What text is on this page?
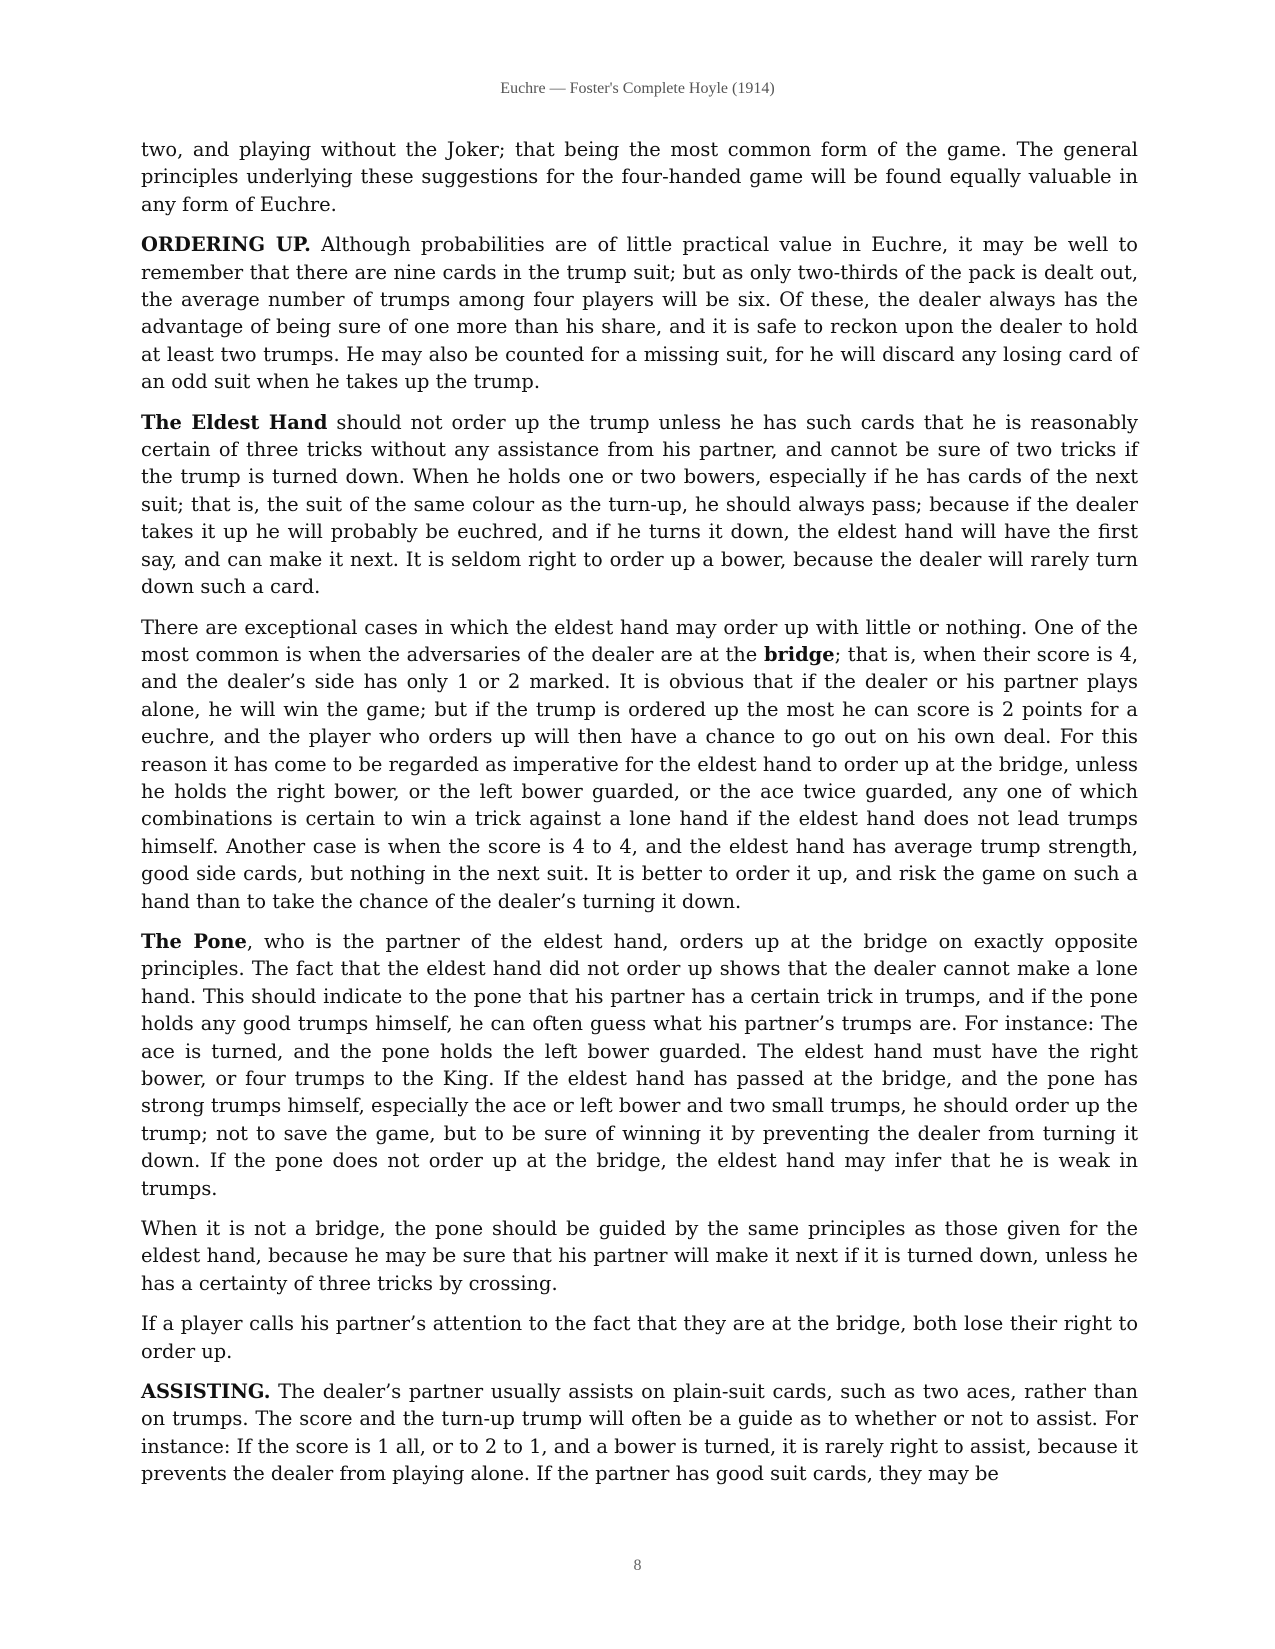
Euchre — Foster's Complete Hoyle (1914)

two, and playing without the Joker; that being the most common form of the game. The general principles underlying these suggestions for the four-handed game will be found equally valuable in any form of Euchre.

ORDERING UP. Although probabilities are of little practical value in Euchre, it may be well to remember that there are nine cards in the trump suit; but as only two-thirds of the pack is dealt out, the average number of trumps among four players will be six. Of these, the dealer always has the advantage of being sure of one more than his share, and it is safe to reckon upon the dealer to hold at least two trumps. He may also be counted for a missing suit, for he will discard any losing card of an odd suit when he takes up the trump.

The Eldest Hand should not order up the trump unless he has such cards that he is reasonably certain of three tricks without any assistance from his partner, and cannot be sure of two tricks if the trump is turned down. When he holds one or two bowers, especially if he has cards of the next suit; that is, the suit of the same colour as the turn-up, he should always pass; because if the dealer takes it up he will probably be euchred, and if he turns it down, the eldest hand will have the first say, and can make it next. It is seldom right to order up a bower, because the dealer will rarely turn down such a card.

There are exceptional cases in which the eldest hand may order up with little or nothing. One of the most common is when the adversaries of the dealer are at the bridge; that is, when their score is 4, and the dealer’s side has only 1 or 2 marked. It is obvious that if the dealer or his partner plays alone, he will win the game; but if the trump is ordered up the most he can score is 2 points for a euchre, and the player who orders up will then have a chance to go out on his own deal. For this reason it has come to be regarded as imperative for the eldest hand to order up at the bridge, unless he holds the right bower, or the left bower guarded, or the ace twice guarded, any one of which combinations is certain to win a trick against a lone hand if the eldest hand does not lead trumps himself. Another case is when the score is 4 to 4, and the eldest hand has average trump strength, good side cards, but nothing in the next suit. It is better to order it up, and risk the game on such a hand than to take the chance of the dealer’s turning it down.

The Pone, who is the partner of the eldest hand, orders up at the bridge on exactly opposite principles. The fact that the eldest hand did not order up shows that the dealer cannot make a lone hand. This should indicate to the pone that his partner has a certain trick in trumps, and if the pone holds any good trumps himself, he can often guess what his partner’s trumps are. For instance: The ace is turned, and the pone holds the left bower guarded. The eldest hand must have the right bower, or four trumps to the King. If the eldest hand has passed at the bridge, and the pone has strong trumps himself, especially the ace or left bower and two small trumps, he should order up the trump; not to save the game, but to be sure of winning it by preventing the dealer from turning it down. If the pone does not order up at the bridge, the eldest hand may infer that he is weak in trumps.

When it is not a bridge, the pone should be guided by the same principles as those given for the eldest hand, because he may be sure that his partner will make it next if it is turned down, unless he has a certainty of three tricks by crossing.

If a player calls his partner’s attention to the fact that they are at the bridge, both lose their right to order up.

ASSISTING. The dealer’s partner usually assists on plain-suit cards, such as two aces, rather than on trumps. The score and the turn-up trump will often be a guide as to whether or not to assist. For instance: If the score is 1 all, or to 2 to 1, and a bower is turned, it is rarely right to assist, because it prevents the dealer from playing alone. If the partner has good suit cards, they may be

8
